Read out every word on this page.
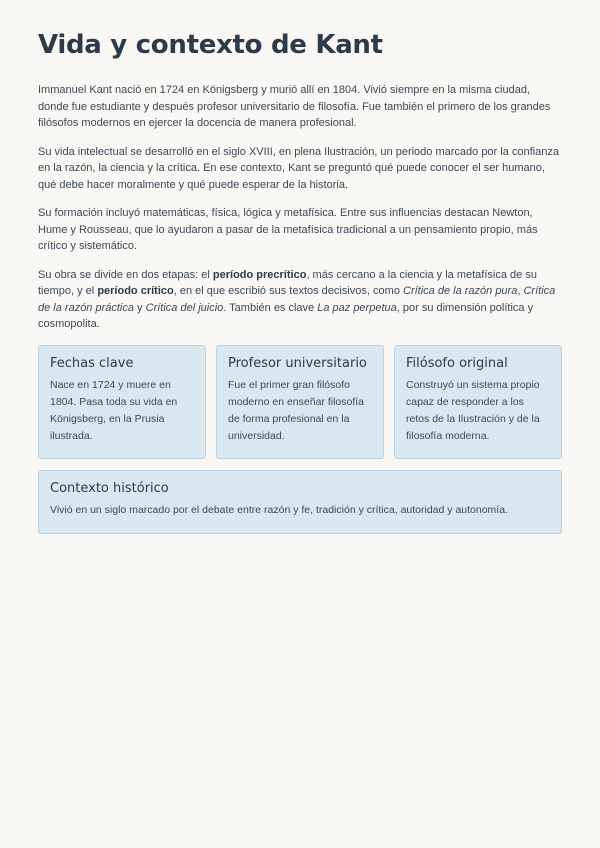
Vida y contexto de Kant

Immanuel Kant nació en 1724 en Königsberg y murió allí en 1804. Vivió siempre en la misma ciudad, donde fue estudiante y después profesor universitario de filosofía. Fue también el primero de los grandes filósofos modernos en ejercer la docencia de manera profesional.

Su vida intelectual se desarrolló en el siglo XVIII, en plena Ilustración, un periodo marcado por la confianza en la razón, la ciencia y la crítica. En ese contexto, Kant se preguntó qué puede conocer el ser humano, qué debe hacer moralmente y qué puede esperar de la historia.

Su formación incluyó matemáticas, física, lógica y metafísica. Entre sus influencias destacan Newton, Hume y Rousseau, que lo ayudaron a pasar de la metafísica tradicional a un pensamiento propio, más crítico y sistemático.

Su obra se divide en dos etapas: el período precrítico, más cercano a la ciencia y la metafísica de su tiempo, y el período crítico, en el que escribió sus textos decisivos, como Crítica de la razón pura, Crítica de la razón práctica y Crítica del juicio. También es clave La paz perpetua, por su dimensión política y cosmopolita.

Fechas clave

Nace en 1724 y muere en 1804. Pasa toda su vida en Königsberg, en la Prusia ilustrada.

Profesor universitario

Fue el primer gran filósofo moderno en enseñar filosofía de forma profesional en la universidad.

Filósofo original

Construyó un sistema propio capaz de responder a los retos de la Ilustración y de la filosofía moderna.

Contexto histórico

Vivió en un siglo marcado por el debate entre razón y fe, tradición y crítica, autoridad y autonomía.
